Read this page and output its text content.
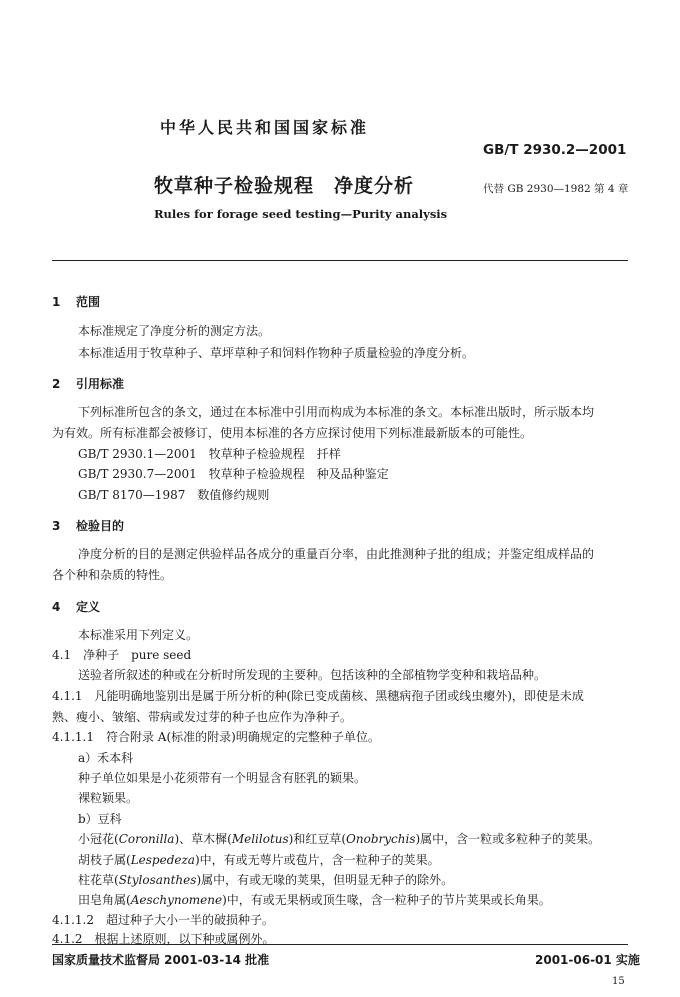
中华人民共和国国家标准
GB/T 2930.2—2001
牧草种子检验规程　净度分析	代替 GB 2930—1982 第 4 章
Rules for forage seed testing—Purity analysis
1 范围
本标准规定了净度分析的测定方法。
本标准适用于牧草种子、草坪草种子和饲料作物种子质量检验的净度分析。
2 引用标准
下列标准所包含的条文，通过在本标准中引用而构成为本标准的条文。本标准出版时，所示版本均
为有效。所有标准都会被修订，使用本标准的各方应探讨使用下列标准最新版本的可能性。
GB/T 2930.1—2001　牧草种子检验规程　扦样
GB/T 2930.7—2001　牧草种子检验规程　种及品种鉴定
GB/T 8170—1987　数值修约规则
3 检验目的
净度分析的目的是测定供验样品各成分的重量百分率，由此推测种子批的组成；并鉴定组成样品的
各个种和杂质的特性。
4 定义
本标准采用下列定义。
4.1　净种子　pure seed
送验者所叙述的种或在分析时所发现的主要种。包括该种的全部植物学变种和栽培品种。
4.1.1　凡能明确地鉴别出是属于所分析的种(除已变成菌核、黑穗病孢子团或线虫瘿外)，即使是未成
熟、瘦小、皱缩、带病或发过芽的种子也应作为净种子。
4.1.1.1　符合附录 A(标准的附录)明确规定的完整种子单位。
a）禾本科
种子单位如果是小花须带有一个明显含有胚乳的颖果。
裸粒颖果。
b）豆科
小冠花(Coronilla)、草木樨(Melilotus)和红豆草(Onobrychis)属中，含一粒或多粒种子的荚果。
胡枝子属(Lespedeza)中，有或无萼片或苞片，含一粒种子的荚果。
柱花草(Stylosanthes)属中，有或无喙的荚果，但明显无种子的除外。
田皂角属(Aeschynomene)中，有或无果柄或顶生喙，含一粒种子的节片荚果或长角果。
4.1.1.2　超过种子大小一半的破损种子。
4.1.2　根据上述原则，以下种或属例外。
国家质量技术监督局 2001-03-14 批准	2001-06-01 实施
15
